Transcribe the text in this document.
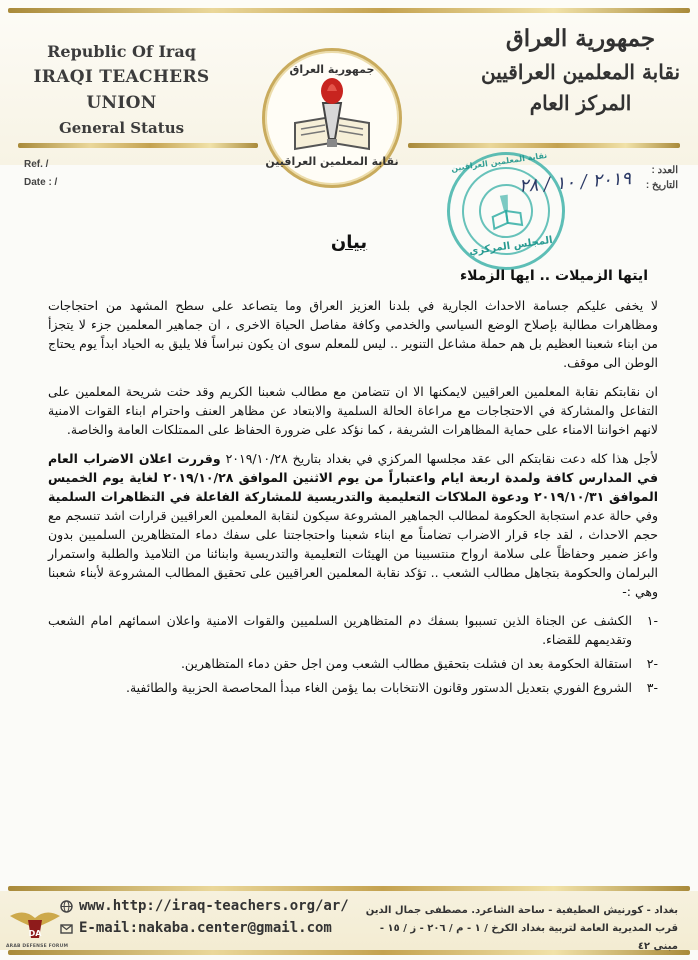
Republic Of Iraq
IRAQI TEACHERS UNION
General Status
جمهورية العراق
نقابة المعلمين العراقيين
المركز العام
جمهورية العراق
نقابة المعلمين العراقيين
Ref. /
Date : /
العدد :
التاريخ :
نقابة المعلمين العراقيين
المجلس المركزي
٢٠١٩ / ١٠ / ٢٨
بيان
ايتها الزميلات .. ايها الزملاء

لا يخفى عليكم جسامة الاحداث الجارية في بلدنا العزيز العراق وما يتصاعد على سطح المشهد من احتجاجات ومظاهرات مطالبة بإصلاح الوضع السياسي والخدمي وكافة مفاصل الحياة الاخرى ، ان جماهير المعلمين جزء لا يتجزأ من ابناء شعبنا العظيم بل هم حملة مشاعل التنوير .. ليس للمعلم سوى ان يكون نبراساً فلا يليق به الحياد ابداً يوم يحتاج الوطن الى موقف.

ان نقابتكم نقابة المعلمين العراقيين لايمكنها الا ان تتضامن مع مطالب شعبنا الكريم وقد حثت شريحة المعلمين على التفاعل والمشاركة في الاحتجاجات مع مراعاة الحالة السلمية والابتعاد عن مظاهر العنف واحترام ابناء القوات الامنية لانهم اخواننا الامناء على حماية المظاهرات الشريفة ، كما نؤكد على ضرورة الحفاظ على الممتلكات العامة والخاصة.

لأجل هذا كله دعت نقابتكم الى عقد مجلسها المركزي في بغداد بتاريخ ٢٠١٩/١٠/٢٨ وقررت اعلان الاضراب العام في المدارس كافة ولمدة اربعة ايام واعتباراً من يوم الاثنين الموافق ٢٠١٩/١٠/٢٨ لغاية يوم الخميس الموافق ٢٠١٩/١٠/٣١ ودعوة الملاكات التعليمية والتدريسية للمشاركة الفاعلة في التظاهرات السلمية وفي حالة عدم استجابة الحكومة لمطالب الجماهير المشروعة سيكون لنقابة المعلمين العراقيين قرارات اشد تنسجم مع حجم الاحداث ، لقد جاء قرار الاضراب تضامناً مع ابناء شعبنا واحتجاجتنا على سفك دماء المتظاهرين السلميين بدون واعز ضمير وحفاظاً على سلامة ارواح منتسبينا من الهيئات التعليمية والتدريسية وابنائنا من التلاميذ والطلبة واستمرار البرلمان والحكومة بتجاهل مطالب الشعب .. تؤكد نقابة المعلمين العراقيين على تحقيق المطالب المشروعة لأبناء شعبنا وهي :-

-١
الكشف عن الجناة الذين تسببوا بسفك دم المتظاهرين السلميين والقوات الامنية واعلان اسمائهم امام الشعب وتقديمهم للقضاء.
-٢
استقالة الحكومة بعد ان فشلت بتحقيق مطالب الشعب ومن اجل حقن دماء المتظاهرين.
-٣
الشروع الفوري بتعديل الدستور وقانون الانتخابات بما يؤمن الغاء مبدأ المحاصصة الحزبية والطائفية.
www.http://iraq-teachers.org/ar/
E-mail:nakaba.center@gmail.com
بغداد - كورنيش العطيفية - ساحة الشاعرد. مصطفى جمال الدين
قرب المديرية العامة لتربية بغداد الكرخ / ١ - م / ٢٠٦ - ز / ١٥ - مبنى ٤٢
DA
ARAB DEFENSE FORUM
